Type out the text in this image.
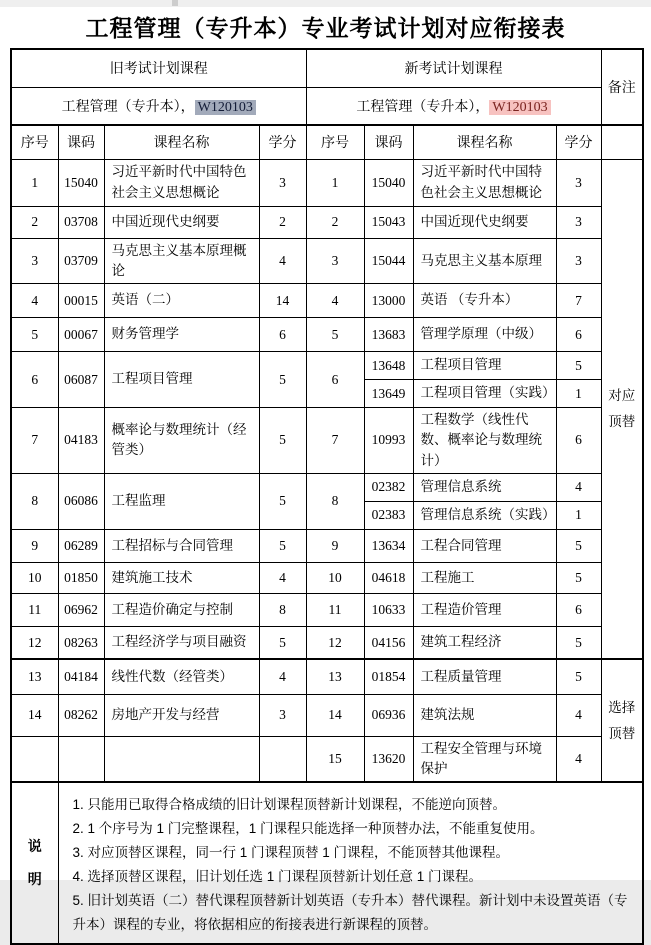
工程管理（专升本）专业考试计划对应衔接表
旧考试计划课程				新考试计划课程				备注
工程管理（专升本）， W120103				工程管理（专升本）， W120103				
序号	课码	课程名称	学分	序号	课码	课程名称	学分	
1	15040	习近平新时代中国特色社会主义思想概论	3	1	15040	习近平新时代中国特色社会主义思想概论	3	对应顶替

2	03708	中国近现代史纲要	2	2	15043	中国近现代史纲要	3	
3	03709	马克思主义基本原理概论	4	3	15044	马克思主义基本原理	3	
4	00015	英语（二）	14	4	13000	英语 （专升本）	7	
5	00067	财务管理学	6	5	13683	管理学原理（中级）	6	
6	06087	工程项目管理	5	6	13648	工程项目管理	5	
					13649	工程项目管理（实践）	1	
7	04183	概率论与数理统计（经管类）	5	7	10993	工程数学（线性代数、概率论与数理统计）	6	
8	06086	工程监理	5	8	02382	管理信息系统	4	
					02383	管理信息系统（实践）	1	
9	06289	工程招标与合同管理	5	9	13634	工程合同管理	5	
10	01850	建筑施工技术	4	10	04618	工程施工	5	
11	06962	工程造价确定与控制	8	11	10633	工程造价管理	6	
12	08263	工程经济学与项目融资	5	12	04156	建筑工程经济	5	
13	04184	线性代数（经管类）	4	13	01854	工程质量管理	5	选择顶替

14	08262	房地产开发与经营	3	14	06936	建筑法规	4	
				15	13620	工程安全管理与环境保护	4	

说明	1. 只能用已取得合格成绩的旧计划课程顶替新计划课程，不能逆向顶替。
2. 1 个序号为 1 门完整课程，1 门课程只能选择一种顶替办法，不能重复使用。
3. 对应顶替区课程，同一行 1 门课程顶替 1 门课程，不能顶替其他课程。
4. 选择顶替区课程，旧计划任选 1 门课程顶替新计划任意 1 门课程。
5. 旧计划英语（二）替代课程顶替新计划英语（专升本）替代课程。新计划中未设置英语（专升本）课程的专业，将依据相应的衔接表进行新课程的顶替。							
